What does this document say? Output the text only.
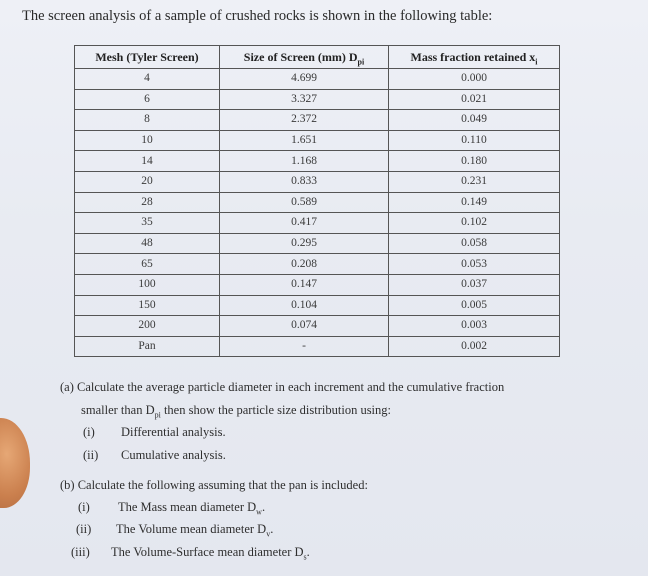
The screen analysis of a sample of crushed rocks is shown in the following table:
Mesh (Tyler Screen)	Size of Screen (mm) $D_{pi}$	Mass fraction retained $x_i$
4	4.699	0.000
6	3.327	0.021
8	2.372	0.049
10	1.651	0.110
14	1.168	0.180
20	0.833	0.231
28	0.589	0.149
35	0.417	0.102
48	0.295	0.058
65	0.208	0.053
100	0.147	0.037
150	0.104	0.005
200	0.074	0.003
Pan	-	0.002
(a) Calculate the average particle diameter in each increment and the cumulative fraction
smaller than $D_{pi}$ then show the particle size distribution using:
(i) Differential analysis.
(ii) Cumulative analysis.
(b) Calculate the following assuming that the pan is included:
(i) The Mass mean diameter $D_w$.
(ii) The Volume mean diameter $D_v$.
(iii) The Volume-Surface mean diameter $D_s$.
